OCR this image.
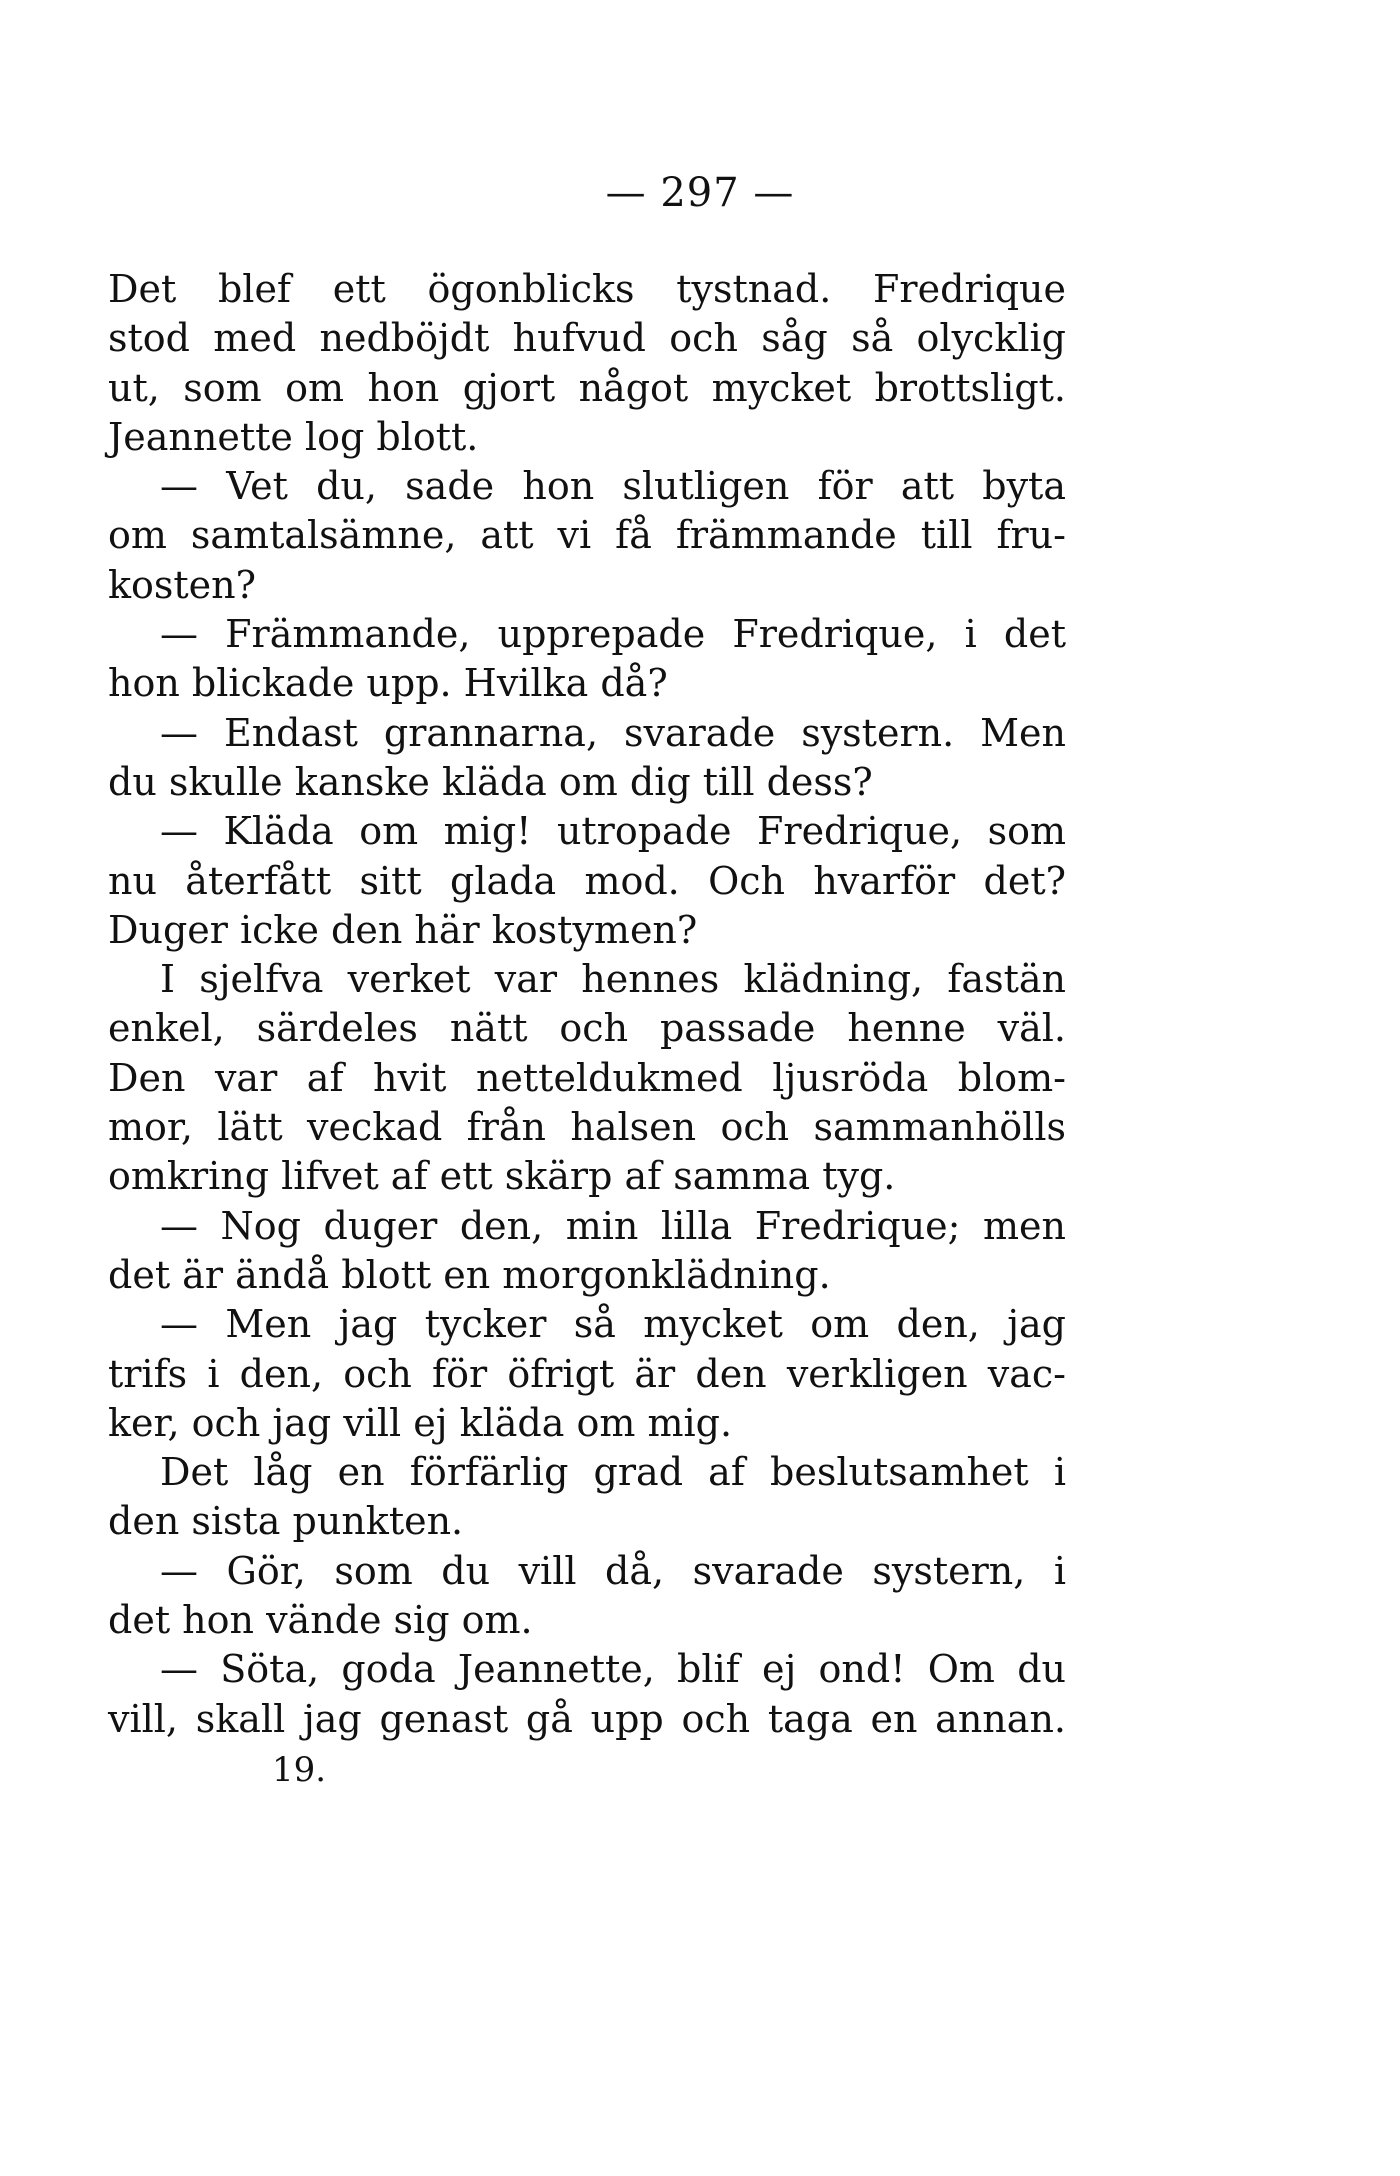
— 297 —
Det blef ett ögonblicks tystnad. Fredrique
stod med nedböjdt hufvud och såg så olycklig
ut, som om hon gjort något mycket brottsligt.
Jeannette log blott.
— Vet du, sade hon slutligen för att byta
om samtalsämne, att vi få främmande till fru-
kosten?
— Främmande, upprepade Fredrique, i det
hon blickade upp. Hvilka då?
— Endast grannarna, svarade systern. Men
du skulle kanske kläda om dig till dess?
— Kläda om mig! utropade Fredrique, som
nu återfått sitt glada mod. Och hvarför det?
Duger icke den här kostymen?
I sjelfva verket var hennes klädning, fastän
enkel, särdeles nätt och passade henne väl.
Den var af hvit netteldukmed ljusröda blom-
mor, lätt veckad från halsen och sammanhölls
omkring lifvet af ett skärp af samma tyg.
— Nog duger den, min lilla Fredrique; men
det är ändå blott en morgonklädning.
— Men jag tycker så mycket om den, jag
trifs i den, och för öfrigt är den verkligen vac-
ker, och jag vill ej kläda om mig.
Det låg en förfärlig grad af beslutsamhet i
den sista punkten.
— Gör, som du vill då, svarade systern, i
det hon vände sig om.
— Söta, goda Jeannette, blif ej ond! Om du
vill, skall jag genast gå upp och taga en annan.
19.
